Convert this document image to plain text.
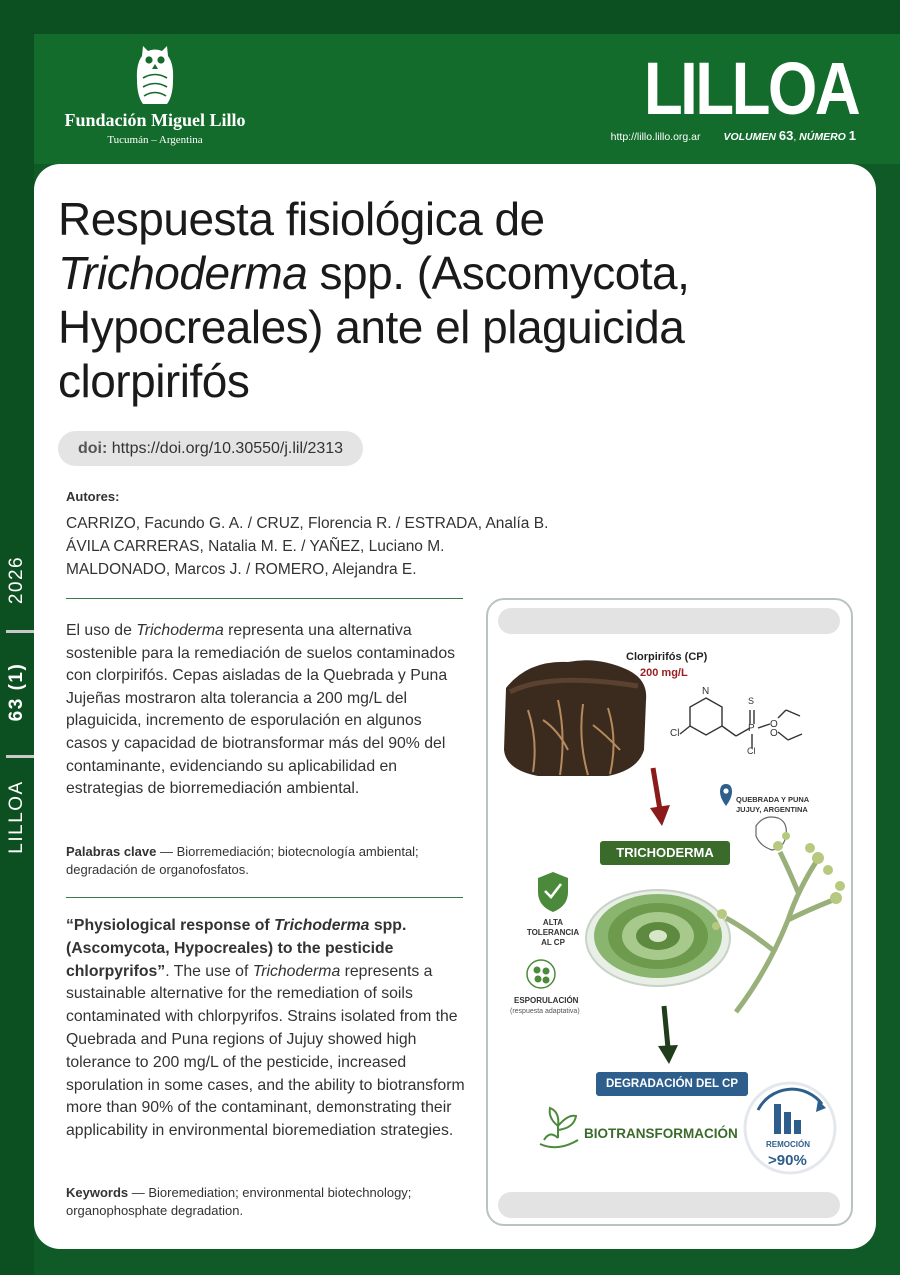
Fundación Miguel Lillo
Tucumán – Argentina
LILLOA
http://lillo.lillo.org.ar VOLUMEN 63, NÚMERO 1
2026
63 (1)
LILLOA
Respuesta fisiológica de
Trichoderma spp. (Ascomycota,
Hypocreales) ante el plaguicida
clorpirifós
doi: https://doi.org/10.30550/j.lil/2313
Autores:
CARRIZO, Facundo G. A. / CRUZ, Florencia R. / ESTRADA, Analía B.
ÁVILA CARRERAS, Natalia M. E. / YAÑEZ, Luciano M.
MALDONADO, Marcos J. / ROMERO, Alejandra E.
El uso de Trichoderma representa una alternativa sostenible para la remediación de suelos contaminados con clorpirifós. Cepas aisladas de la Quebrada y Puna Jujeñas mostraron alta tolerancia a 200 mg/L del plaguicida, incremento de esporulación en algunos casos y capacidad de biotransformar más del 90% del contaminante, evidenciando su aplicabilidad en estrategias de biorremediación ambiental.
Palabras clave — Biorremediación; biotecnología ambiental; degradación de organofosfatos.
“Physiological response of Trichoderma spp. (Ascomycota, Hypocreales) to the pesticide chlorpyrifos”. The use of Trichoderma represents a sustainable alternative for the remediation of soils contaminated with chlorpyrifos. Strains isolated from the Quebrada and Puna regions of Jujuy showed high tolerance to 200 mg/L of the pesticide, increased sporulation in some cases, and the ability to biotransform more than 90% of the contaminant, demonstrating their applicability in environmental bioremediation strategies.
Keywords — Bioremediation; environmental biotechnology; organophosphate degradation.
Clorpirifós (CP)
200 mg/L
N
S
P
Cl
Cl
O
O
QUEBRADA Y PUNA
JUJUY, ARGENTINA
TRICHODERMA
ALTA
TOLERANCIA
AL CP
ESPORULACIÓN
(respuesta adaptativa)
DEGRADACIÓN DEL CP
BIOTRANSFORMACIÓN
REMOCIÓN
>90%
